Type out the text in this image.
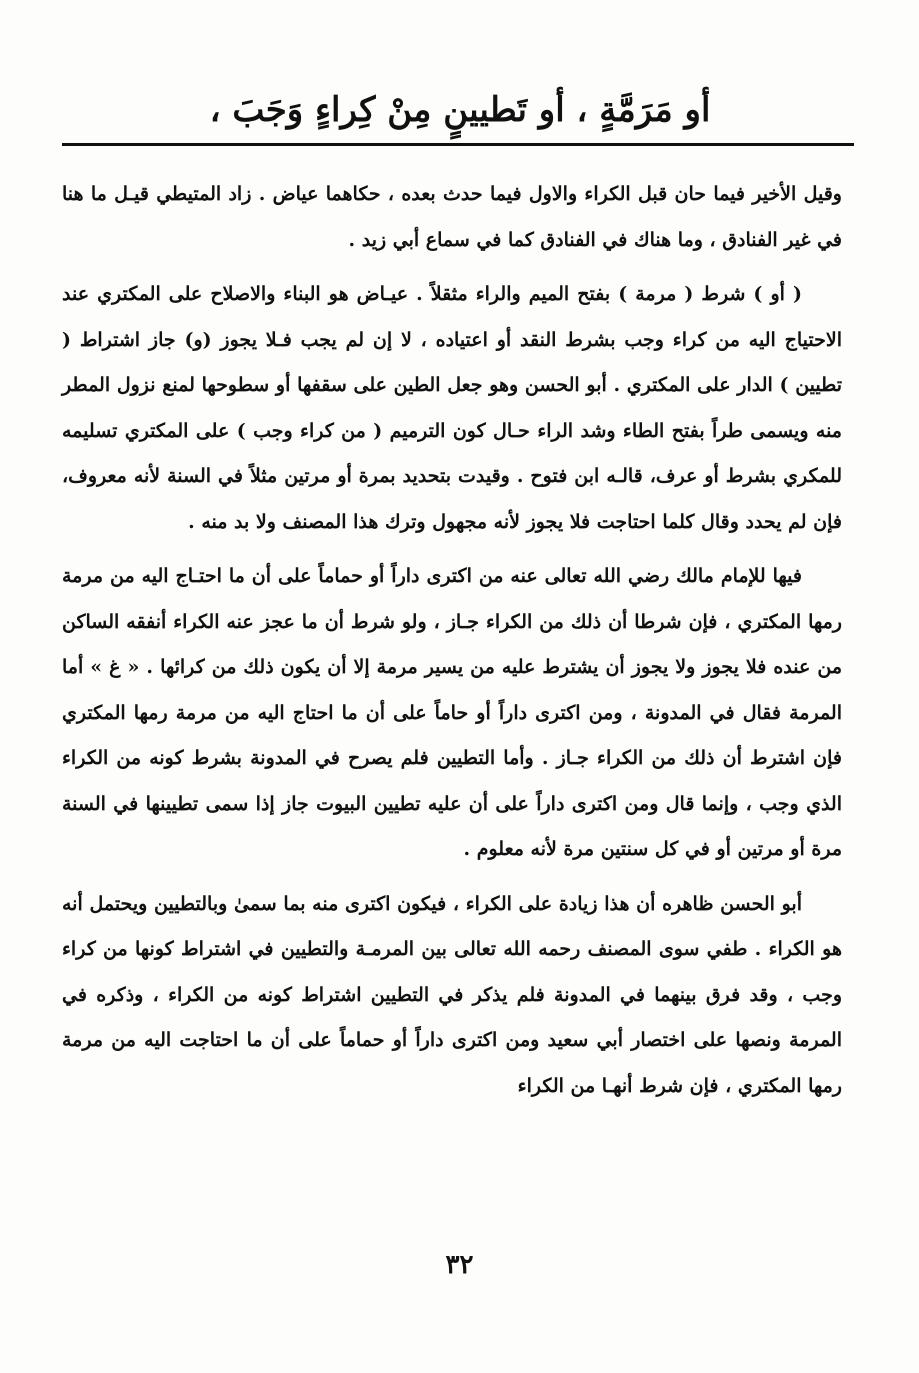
أو مَرَمَّةٍ ، أو تَطيينٍ مِنْ كِراءٍ وَجَبَ ،

وقيل الأخير فيما حان قبل الكراء والاول فيما حدث بعده ، حكاهما عياض . زاد المتيطي قيـل ما هنا في غير الفنادق ، وما هناك في الفنادق كما في سماع أبي زيد .

( أو ) شرط ( مرمة ) بفتح الميم والراء مثقلاً . عيـاض هو البناء والاصلاح على المكتري عند الاحتياج اليه من كراء وجب بشرط النقد أو اعتياده ، لا إن لم يجب فـلا يجوز (و) جاز اشتراط ( تطيين ) الدار على المكتري . أبو الحسن وهو جعل الطين على سقفها أو سطوحها لمنع نزول المطر منه ويسمى طراً بفتح الطاء وشد الراء حـال كون الترميم ( من كراء وجب ) على المكتري تسليمه للمكري بشرط أو عرف، قالـه ابن فتوح . وقيدت بتحديد بمرة أو مرتين مثلاً في السنة لأنه معروف، فإن لم يحدد وقال كلما احتاجت فلا يجوز لأنه مجهول وترك هذا المصنف ولا بد منه .

فيها للإمام مالك رضي الله تعالى عنه من اكترى داراً أو حماماً على أن ما احتـاج اليه من مرمة رمها المكتري ، فإن شرطا أن ذلك من الكراء جـاز ، ولو شرط أن ما عجز عنه الكراء أنفقه الساكن من عنده فلا يجوز ولا يجوز أن يشترط عليه من يسير مرمة إلا أن يكون ذلك من كرائها . « غ » أما المرمة فقال في المدونة ، ومن اكترى داراً أو حاماً على أن ما احتاج اليه من مرمة رمها المكتري فإن اشترط أن ذلك من الكراء جـاز . وأما التطيين فلم يصرح في المدونة بشرط كونه من الكراء الذي وجب ، وإنما قال ومن اكترى داراً على أن عليه تطيين البيوت جاز إذا سمى تطيينها في السنة مرة أو مرتين أو في كل سنتين مرة لأنه معلوم .

أبو الحسن ظاهره أن هذا زيادة على الكراء ، فيكون اكترى منه بما سمىٰ وبالتطيين ويحتمل أنه هو الكراء . طفي سوى المصنف رحمه الله تعالى بين المرمـة والتطيين في اشتراط كونها من كراء وجب ، وقد فرق بينهما في المدونة فلم يذكر في التطيين اشتراط كونه من الكراء ، وذكره في المرمة ونصها على اختصار أبي سعيد ومن اكترى داراً أو حماماً على أن ما احتاجت اليه من مرمة رمها المكتري ، فإن شرط أنهـا من الكراء

٣٢
